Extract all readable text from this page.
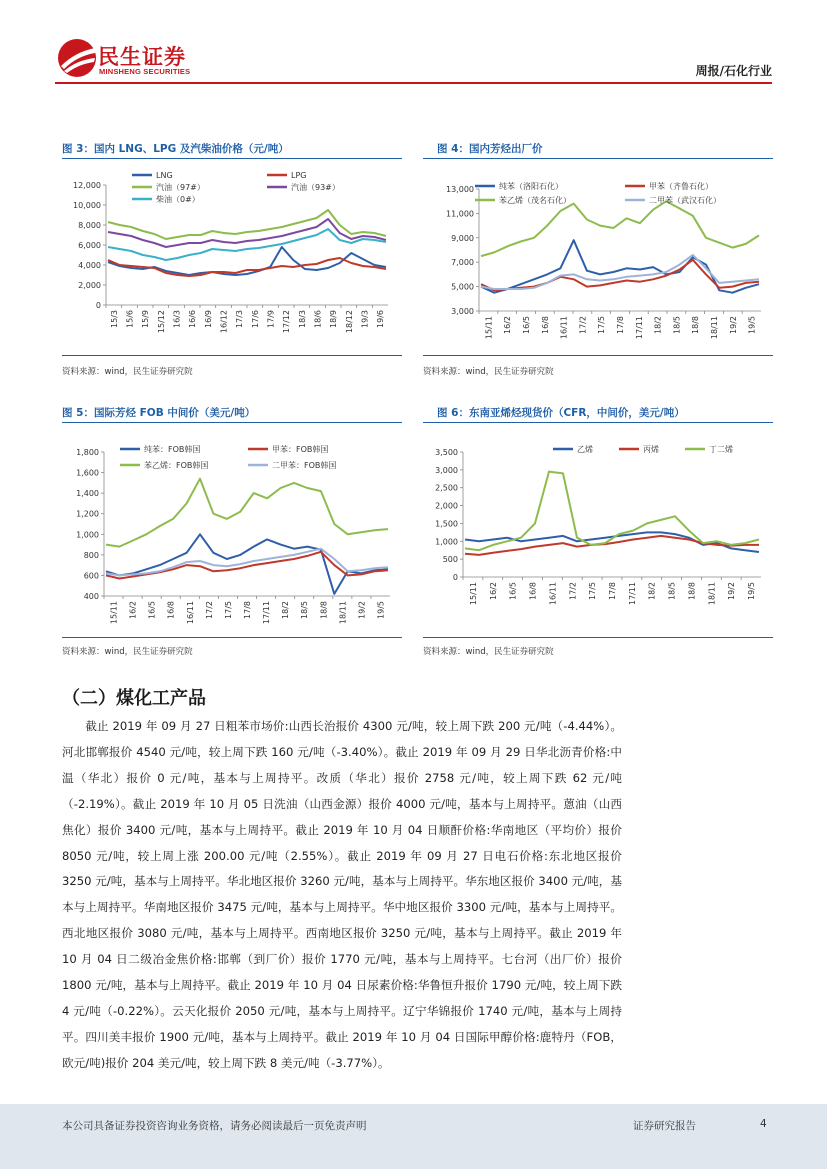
民生证券
MINSHENG SECURITIES	周报/石化行业
图 3：国内 LNG、LPG 及汽柴油价格（元/吨）
0
2,000
4,000
6,000
8,000
10,000
12,000
15/3 15/6 15/9 15/12 16/3 16/6 16/9 16/12 17/3 17/6 17/9 17/12 18/3 18/6 18/9 18/12 19/3 19/6
LNG	LPG
汽油（97#）	汽油（93#）
柴油（0#）
资料来源：wind，民生证券研究院
图 4：国内芳烃出厂价
3,000
5,000
7,000
9,000
11,000
13,000
15/11 16/2 16/5 16/8 16/11 17/2 17/5 17/8 17/11 18/2 18/5 18/8 18/11 19/2 19/5
纯苯（洛阳石化）	甲苯（齐鲁石化）
苯乙烯（茂名石化）	二甲苯（武汉石化）
资料来源：wind，民生证券研究院
图 5：国际芳烃 FOB 中间价（美元/吨）
400
600
800
1,000
1,200
1,400
1,600
1,800
15/11 16/2 16/5 16/8 16/11 17/2 17/5 17/8 17/11 18/2 18/5 18/8 18/11 19/2 19/5
纯苯：FOB韩国	甲苯：FOB韩国
苯乙烯：FOB韩国	二甲苯：FOB韩国
资料来源：wind，民生证券研究院
图 6：东南亚烯烃现货价（CFR，中间价，美元/吨）
0
500
1,000
1,500
2,000
2,500
3,000
3,500
15/11 16/2 16/5 16/8 16/11 17/2 17/5 17/8 17/11 18/2 18/5 18/8 18/11 19/2 19/5
乙烯	丙烯	丁二烯
资料来源：wind，民生证券研究院
（二）煤化工产品
截止 2019 年 09 月 27 日粗苯市场价:山西长治报价 4300 元/吨，较上周下跌 200 元/吨（-4.44%）。河北邯郸报价 4540 元/吨，较上周下跌 160 元/吨（-3.40%）。截止 2019 年 09 月 29 日华北沥青价格:中温（华北）报价 0 元/吨，基本与上周持平。改质（华北）报价 2758 元/吨，较上周下跌 62 元/吨（-2.19%）。截止 2019 年 10 月 05 日洗油（山西金源）报价 4000 元/吨，基本与上周持平。蒽油（山西焦化）报价 3400 元/吨，基本与上周持平。截止 2019 年 10 月 04 日顺酐价格:华南地区（平均价）报价 8050 元/吨，较上周上涨 200.00 元/吨（2.55%）。截止 2019 年 09 月 27 日电石价格:东北地区报价 3250 元/吨，基本与上周持平。华北地区报价 3260 元/吨，基本与上周持平。华东地区报价 3400 元/吨，基本与上周持平。华南地区报价 3475 元/吨，基本与上周持平。华中地区报价 3300 元/吨，基本与上周持平。西北地区报价 3080 元/吨，基本与上周持平。西南地区报价 3250 元/吨，基本与上周持平。截止 2019 年 10 月 04 日二级冶金焦价格:邯郸（到厂价）报价 1770 元/吨，基本与上周持平。七台河（出厂价）报价 1800 元/吨，基本与上周持平。截止 2019 年 10 月 04 日尿素价格:华鲁恒升报价 1790 元/吨，较上周下跌 4 元/吨（-0.22%）。云天化报价 2050 元/吨，基本与上周持平。辽宁华锦报价 1740 元/吨，基本与上周持平。四川美丰报价 1900 元/吨，基本与上周持平。截止 2019 年 10 月 04 日国际甲醇价格:鹿特丹（FOB，欧元/吨)报价 204 美元/吨，较上周下跌 8 美元/吨（-3.77%）。
本公司具备证券投资咨询业务资格，请务必阅读最后一页免责声明	证券研究报告	4
